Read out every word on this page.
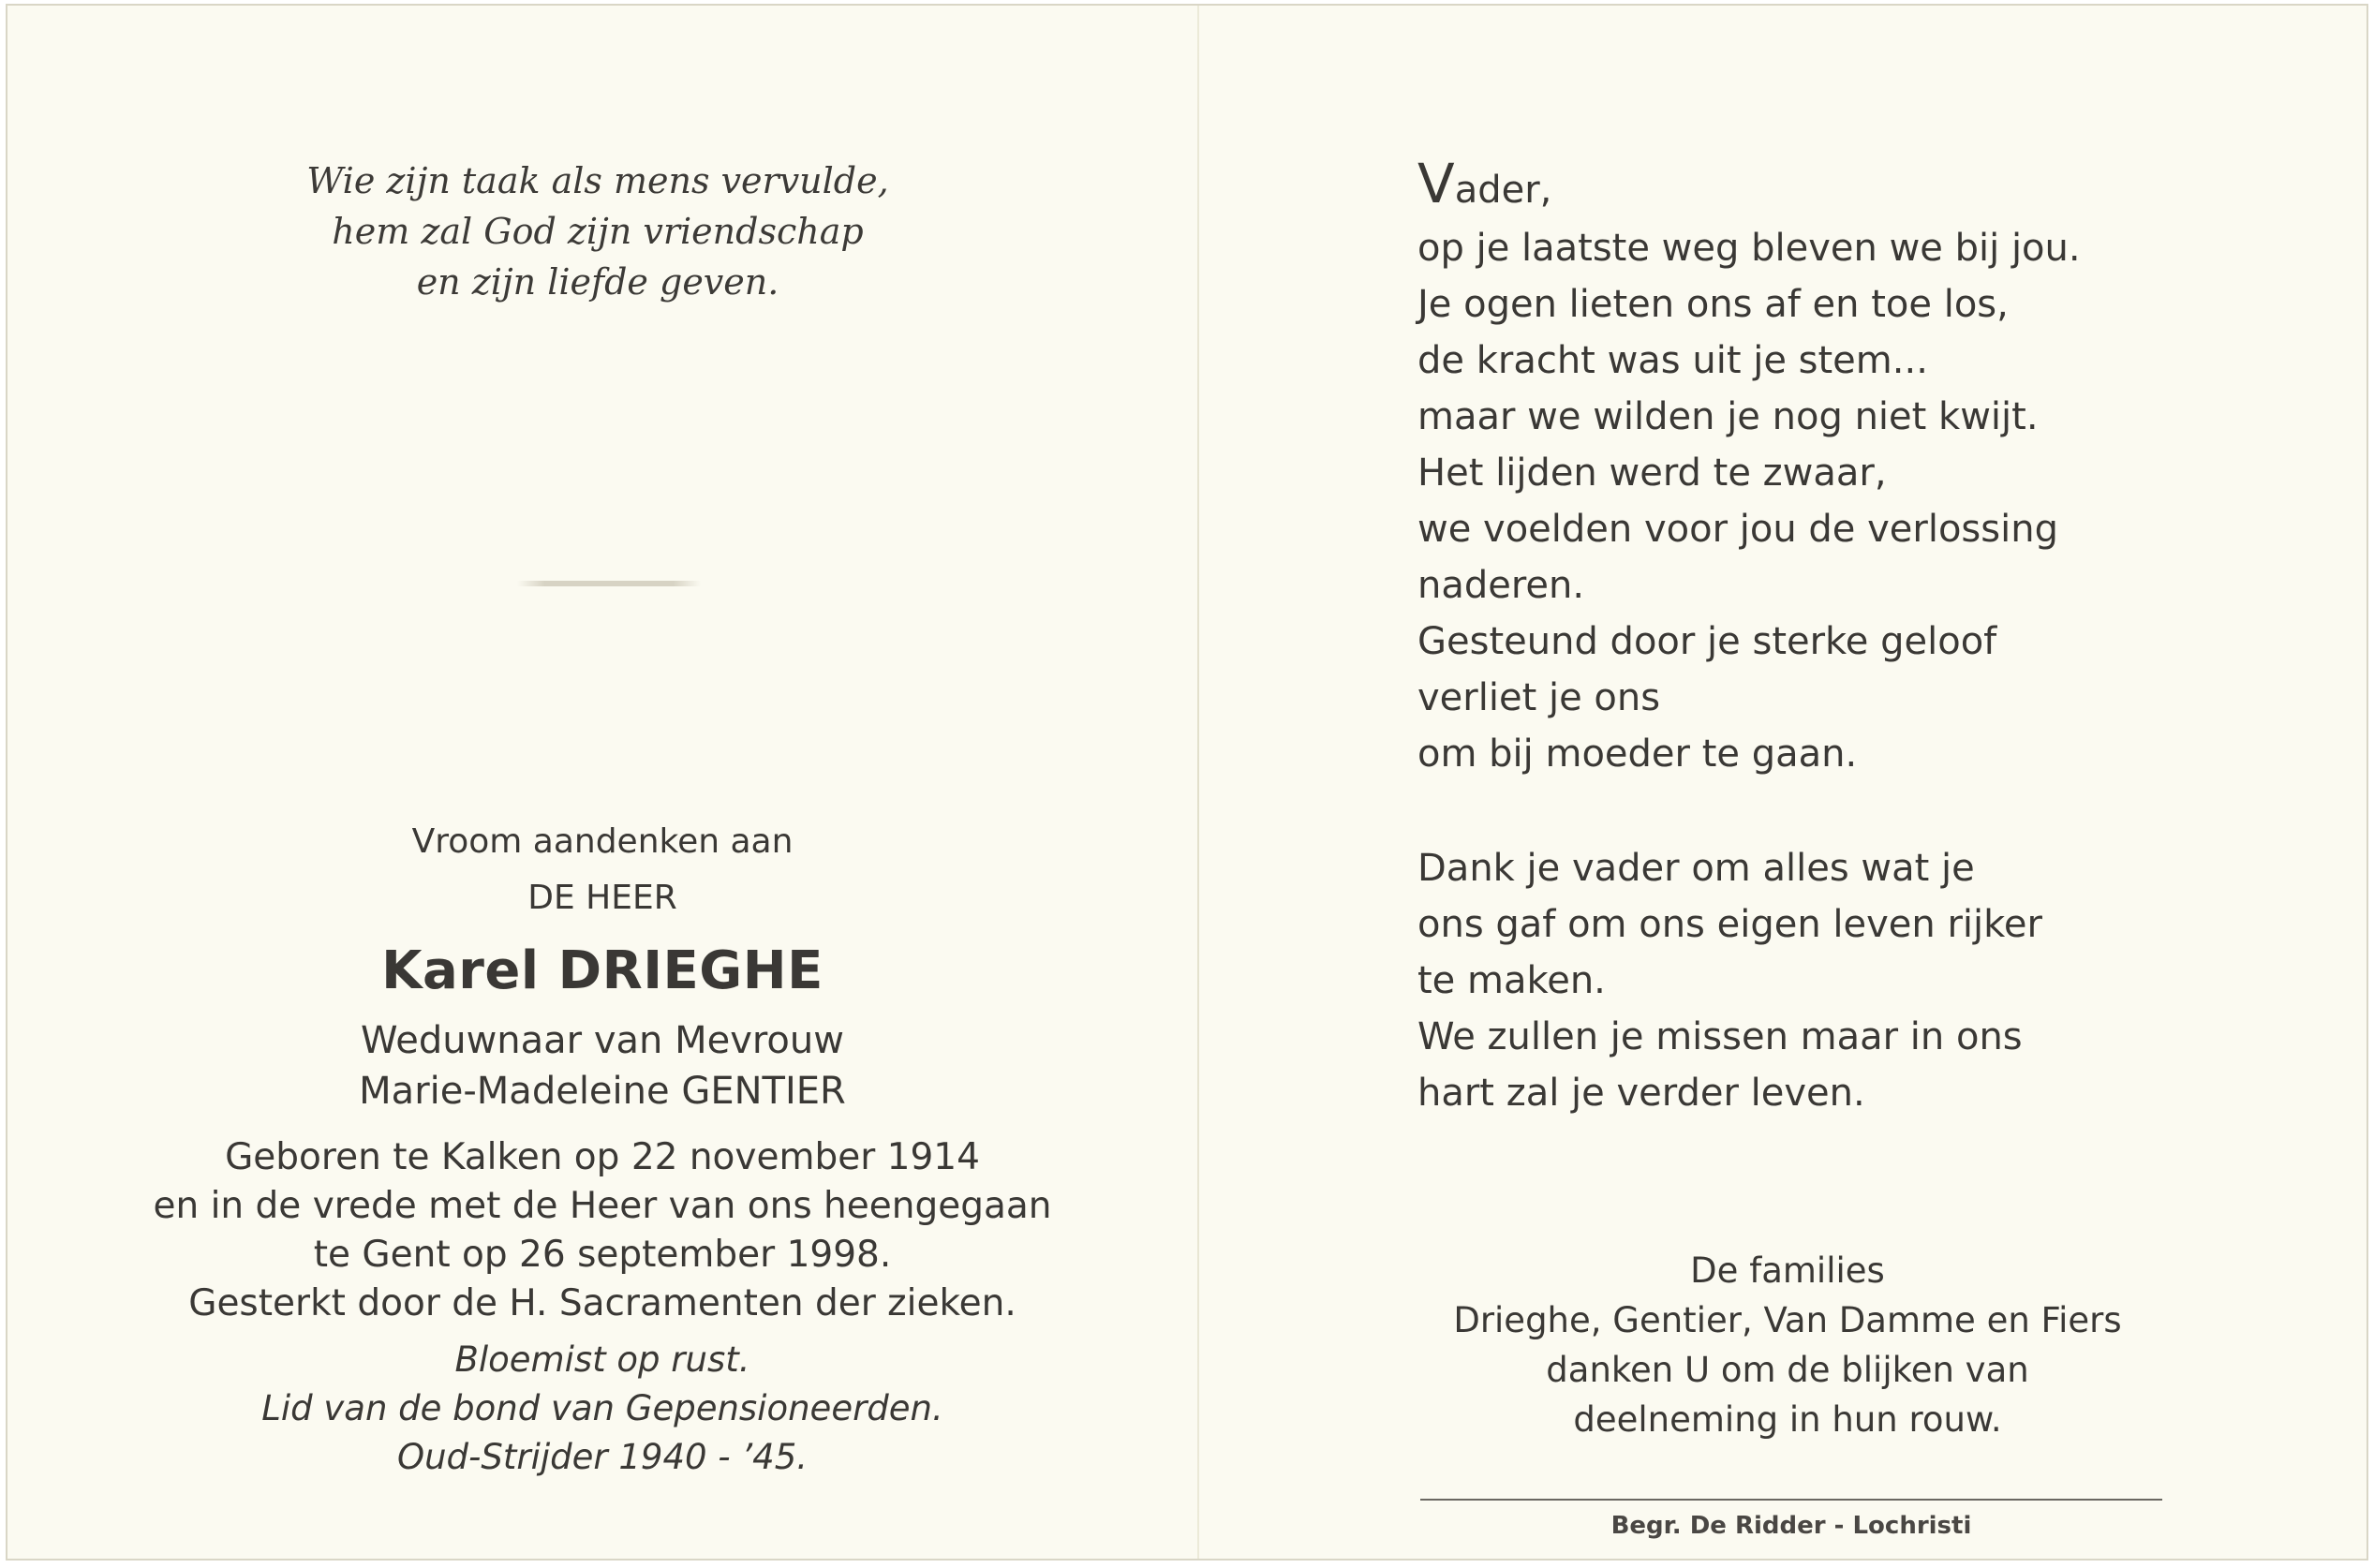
Wie zijn taak als mens vervulde,
hem zal God zijn vriendschap
en zijn liefde geven.
Vroom aandenken aan
DE HEER
Karel DRIEGHE
Weduwnaar van Mevrouw
Marie-Madeleine GENTIER
Geboren te Kalken op 22 november 1914
en in de vrede met de Heer van ons heengegaan
te Gent op 26 september 1998.
Gesterkt door de H. Sacramenten der zieken.
Bloemist op rust.
Lid van de bond van Gepensioneerden.
Oud-Strijder 1940 - ’45.

Vader,

op je laatste weg bleven we bij jou.

Je ogen lieten ons af en toe los,

de kracht was uit je stem...

maar we wilden je nog niet kwijt.

Het lijden werd te zwaar,

we voelden voor jou de verlossing

naderen.

Gesteund door je sterke geloof

verliet je ons

om bij moeder te gaan.

Dank je vader om alles wat je

ons gaf om ons eigen leven rijker

te maken.

We zullen je missen maar in ons

hart zal je verder leven.

De families
Drieghe, Gentier, Van Damme en Fiers
danken U om de blijken van
deelneming in hun rouw.
Begr. De Ridder - Lochristi
